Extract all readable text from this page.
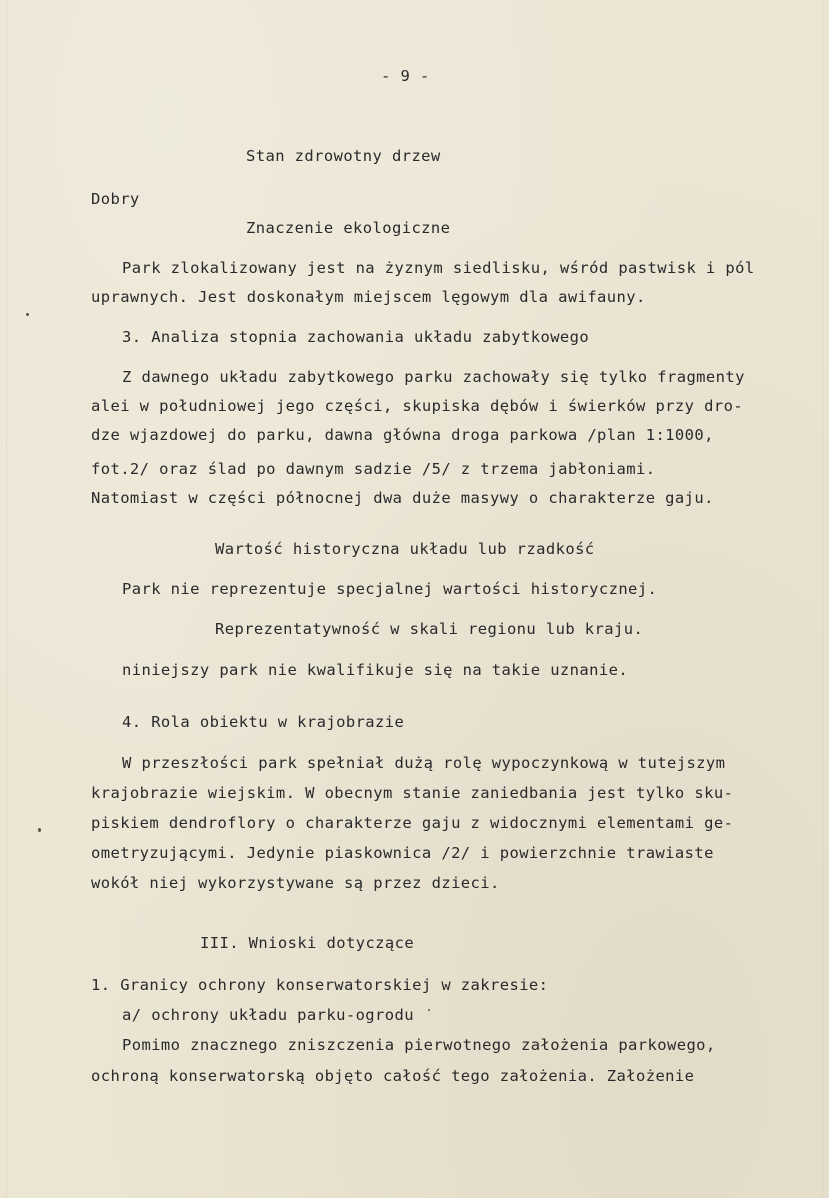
- 9 -
Stan zdrowotny drzew
Dobry
Znaczenie ekologiczne
Park zlokalizowany jest na żyznym siedlisku, wśród pastwisk i pól
uprawnych. Jest doskonałym miejscem lęgowym dla awifauny.
3. Analiza stopnia zachowania układu zabytkowego
Z dawnego układu zabytkowego parku zachowały się tylko fragmenty
alei w południowej jego części, skupiska dębów i świerków przy dro-
dze wjazdowej do parku, dawna główna droga parkowa /plan 1:1000,
fot.2/ oraz ślad po dawnym sadzie /5/ z trzema jabłoniami.
Natomiast w części północnej dwa duże masywy o charakterze gaju.
Wartość historyczna układu lub rzadkość
Park nie reprezentuje specjalnej wartości historycznej.
Reprezentatywność w skali regionu lub kraju.
niniejszy park nie kwalifikuje się na takie uznanie.
4. Rola obiektu w krajobrazie
W przeszłości park spełniał dużą rolę wypoczynkową w tutejszym
krajobrazie wiejskim. W obecnym stanie zaniedbania jest tylko sku-
piskiem dendroflory o charakterze gaju z widocznymi elementami ge-
ometryzującymi. Jedynie piaskownica /2/ i powierzchnie trawiaste
wokół niej wykorzystywane są przez dzieci.
III. Wnioski dotyczące
1. Granicy ochrony konserwatorskiej w zakresie:
a/ ochrony układu parku-ogrodu
Pomimo znacznego zniszczenia pierwotnego założenia parkowego,
ochroną konserwatorską objęto całość tego założenia. Założenie
